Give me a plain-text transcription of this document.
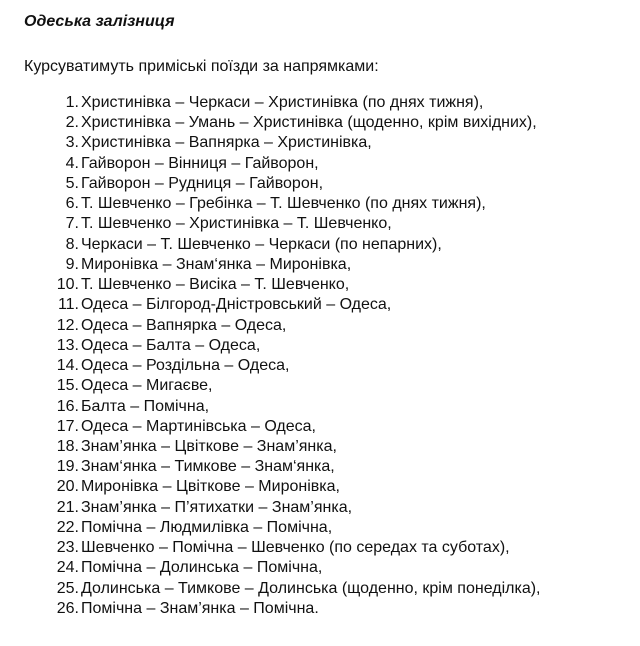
Одеська залізниця

Курсуватимуть приміські поїзди за напрямками:

1. Христинівка – Черкаси – Христинівка (по днях тижня),
2. Христинівка – Умань – Христинівка (щоденно, крім вихідних),
3. Христинівка – Вапнярка – Христинівка,
4. Гайворон – Вінниця – Гайворон,
5. Гайворон – Рудниця – Гайворон,
6. Т. Шевченко – Гребінка – Т. Шевченко (по днях тижня),
7. Т. Шевченко – Христинівка – Т. Шевченко,
8. Черкаси – Т. Шевченко – Черкаси (по непарних),
9. Миронівка – Знам‘янка – Миронівка,
10. Т. Шевченко – Висіка – Т. Шевченко,
11. Одеса – Білгород-Дністровський – Одеса,
12. Одеса – Вапнярка – Одеса,
13. Одеса – Балта – Одеса,
14. Одеса – Роздільна – Одеса,
15. Одеса – Мигаєве,
16. Балта – Помічна,
17. Одеса – Мартинівська – Одеса,
18. Знам’янка – Цвіткове – Знам’янка,
19. Знам‘янка – Тимкове – Знам‘янка,
20. Миронівка – Цвіткове – Миронівка,
21. Знам’янка – П’ятихатки – Знам’янка,
22. Помічна – Людмилівка – Помічна,
23. Шевченко – Помічна – Шевченко (по середах та суботах),
24. Помічна – Долинська – Помічна,
25. Долинська – Тимкове – Долинська (щоденно, крім понеділка),
26. Помічна – Знам’янка – Помічна.
